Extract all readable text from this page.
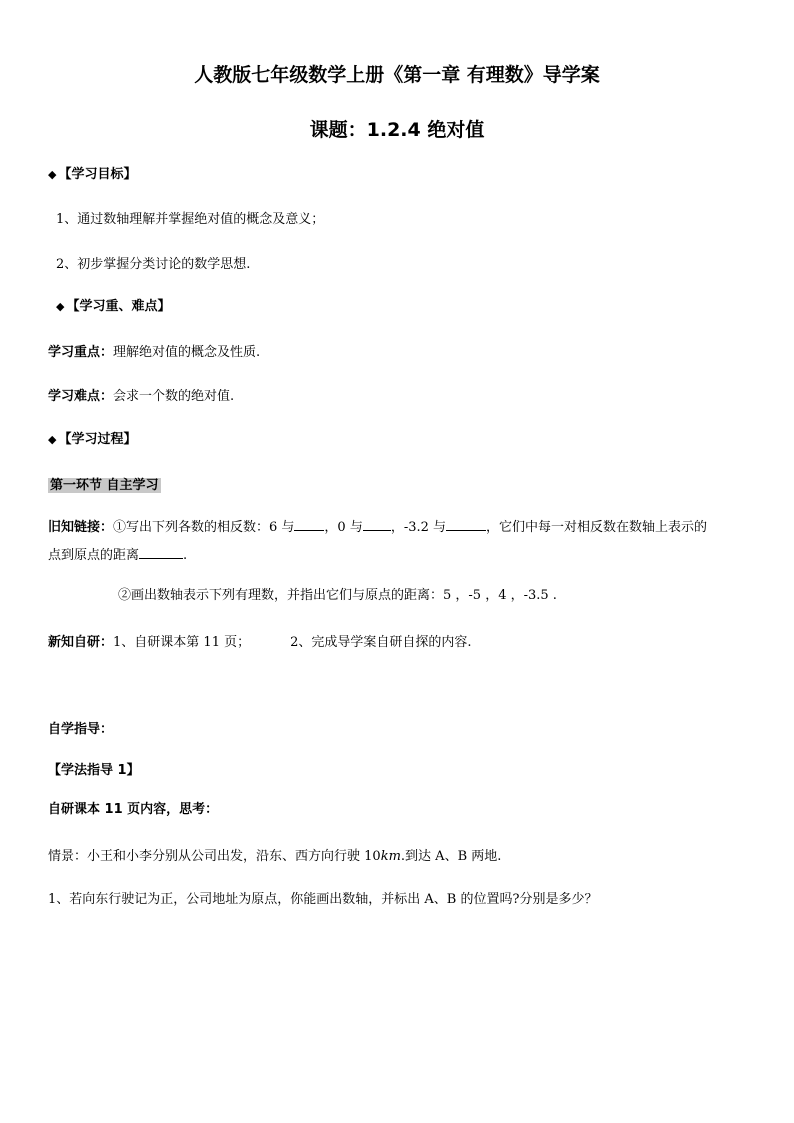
人教版七年级数学上册《第一章 有理数》导学案
课题：1.2.4 绝对值
◆ 【学习目标】
1、通过数轴理解并掌握绝对值的概念及意义；
2、初步掌握分类讨论的数学思想.
◆ 【学习重、难点】
学习重点：理解绝对值的概念及性质.
学习难点：会求一个数的绝对值.
◆ 【学习过程】
第一环节 自主学习
旧知链接：①写出下列各数的相反数：6 与 ，0 与 ，-3.2 与	，它们中每一对相反数在数轴上表示的
点到原点的距离	.
②画出数轴表示下列有理数，并指出它们与原点的距离：5 ，-5 ，4 ，-3.5 .
新知自研：1、自研课本第 11 页；	2、完成导学案自研自探的内容.
自学指导：
【学法指导 1】
自研课本 11 页内容，思考：
情景：小王和小李分别从公司出发，沿东、西方向行驶 10km.到达 A、B 两地.
1、若向东行驶记为正，公司地址为原点，你能画出数轴，并标出 A、B 的位置吗?分别是多少？
